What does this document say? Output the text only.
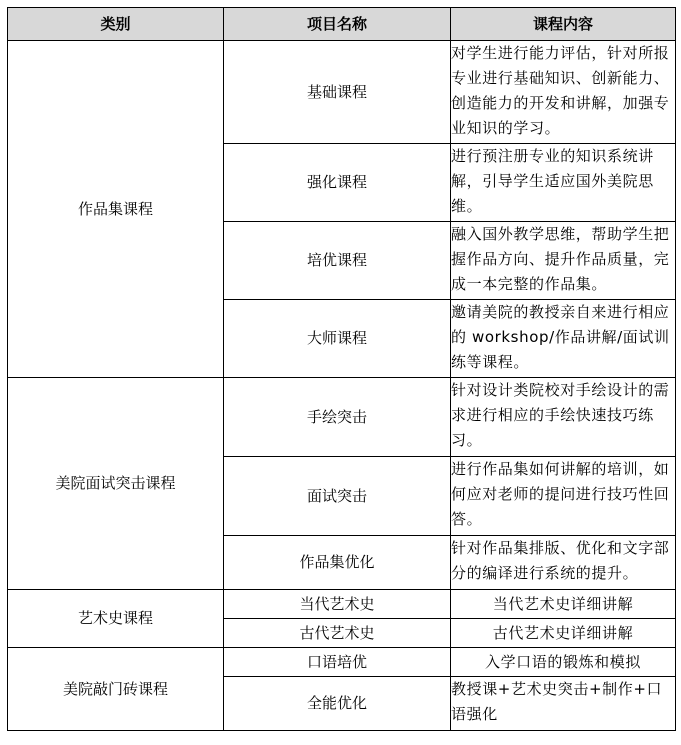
类别	项目名称	课程内容
作品集课程	基础课程	对学生进行能力评估，针对所报专业进行基础知识、创新能力、创造能力的开发和讲解，加强专业知识的学习。
	强化课程	进行预注册专业的知识系统讲解，引导学生适应国外美院思维。
	培优课程	融入国外教学思维，帮助学生把握作品方向、提升作品质量，完成一本完整的作品集。
	大师课程	邀请美院的教授亲自来进行相应的 workshop/作品讲解/面试训练等课程。
美院面试突击课程	手绘突击	针对设计类院校对手绘设计的需求进行相应的手绘快速技巧练习。
	面试突击	进行作品集如何讲解的培训，如何应对老师的提问进行技巧性回答。
	作品集优化	针对作品集排版、优化和文字部分的编译进行系统的提升。
艺术史课程	当代艺术史	当代艺术史详细讲解
	古代艺术史	古代艺术史详细讲解
美院敲门砖课程	口语培优	入学口语的锻炼和模拟
	全能优化	教授课+艺术史突击+制作+口语强化
